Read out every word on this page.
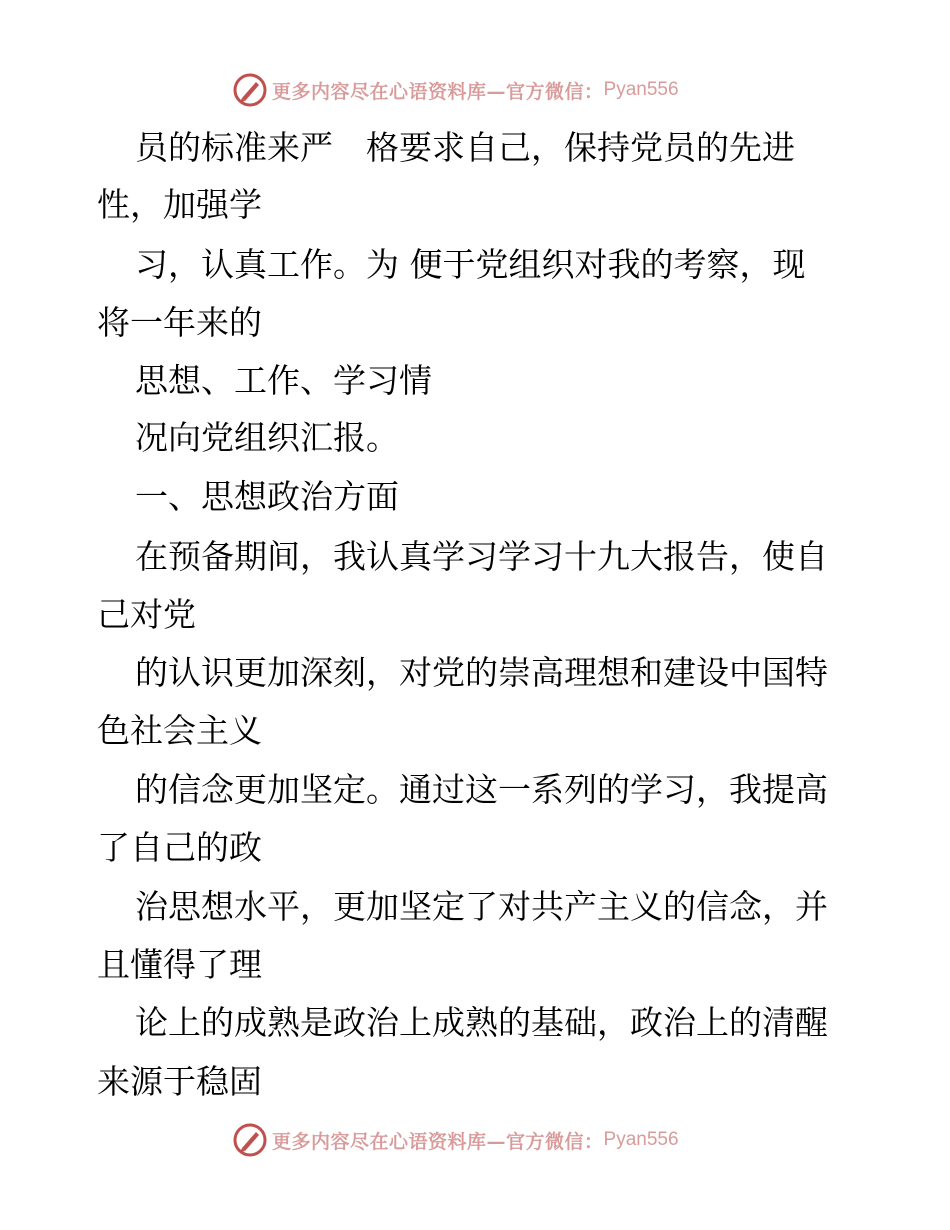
更多内容尽在心语资料库—官方微信： Pyan556
员的标准来严　格要求自己，保持党员的先进
性，加强学
习，认真工作。为 便于党组织对我的考察，现
将一年来的
思想、工作、学习情
况向党组织汇报。
一、思想政治方面
在预备期间，我认真学习学习十九大报告，使自
己对党
的认识更加深刻，对党的崇高理想和建设中国特
色社会主义
的信念更加坚定。通过这一系列的学习，我提高
了自己的政
治思想水平，更加坚定了对共产主义的信念，并
且懂得了理
论上的成熟是政治上成熟的基础，政治上的清醒
来源于稳固
更多内容尽在心语资料库—官方微信： Pyan556
